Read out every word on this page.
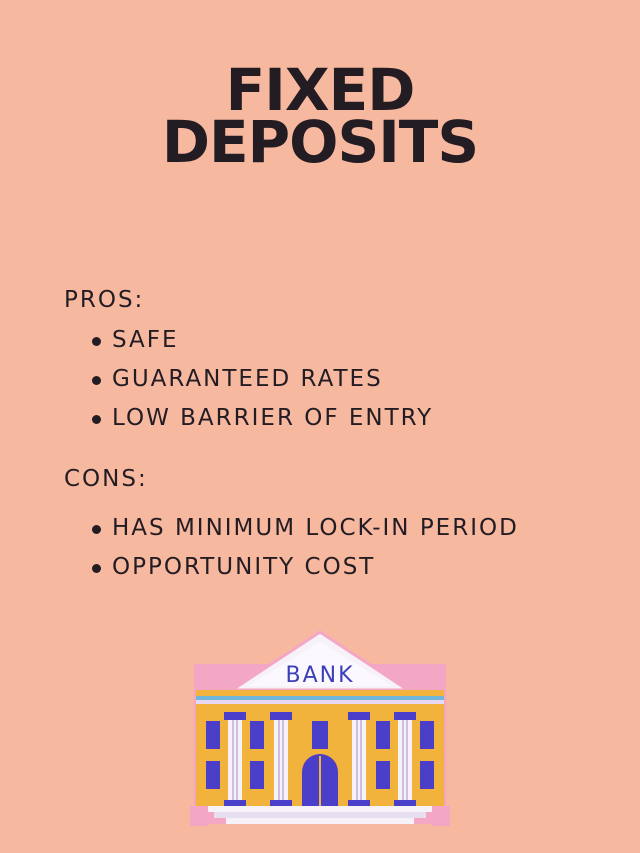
FIXED
DEPOSITS
PROS:
SAFE
GUARANTEED RATES
LOW BARRIER OF ENTRY
CONS:
HAS MINIMUM LOCK-IN PERIOD
OPPORTUNITY COST
BANK
